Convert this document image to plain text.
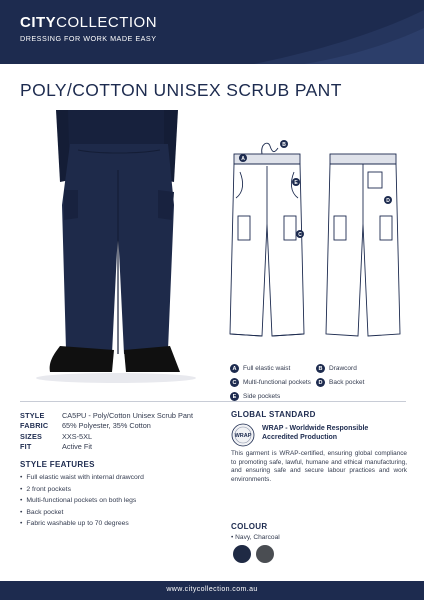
CITYCOLLECTION
DRESSING FOR WORK MADE EASY
POLY/COTTON UNISEX SCRUB PANT
A
B
C
D
E
A	Full elastic waist	B	Drawcord
C	Multi-functional pockets	D	Back pocket
E	Side pockets
STYLE	CA5PU - Poly/Cotton Unisex Scrub Pant
FABRIC	65% Polyester, 35% Cotton
SIZES	XXS-5XL
FIT	Active Fit
STYLE FEATURES
• Full elastic waist with internal drawcord
• 2 front pockets
• Multi-functional pockets on both legs
• Back pocket
• Fabric washable up to 70 degrees
GLOBAL STANDARD
WRAP
WRAP - Worldwide Responsible
Accredited Production
This garment is WRAP-certified, ensuring global compliance to promoting safe, lawful, humane and ethical manufacturing, and ensuring safe and secure labour practices and work environments.
COLOUR
• Navy, Charcoal
www.citycollection.com.au
